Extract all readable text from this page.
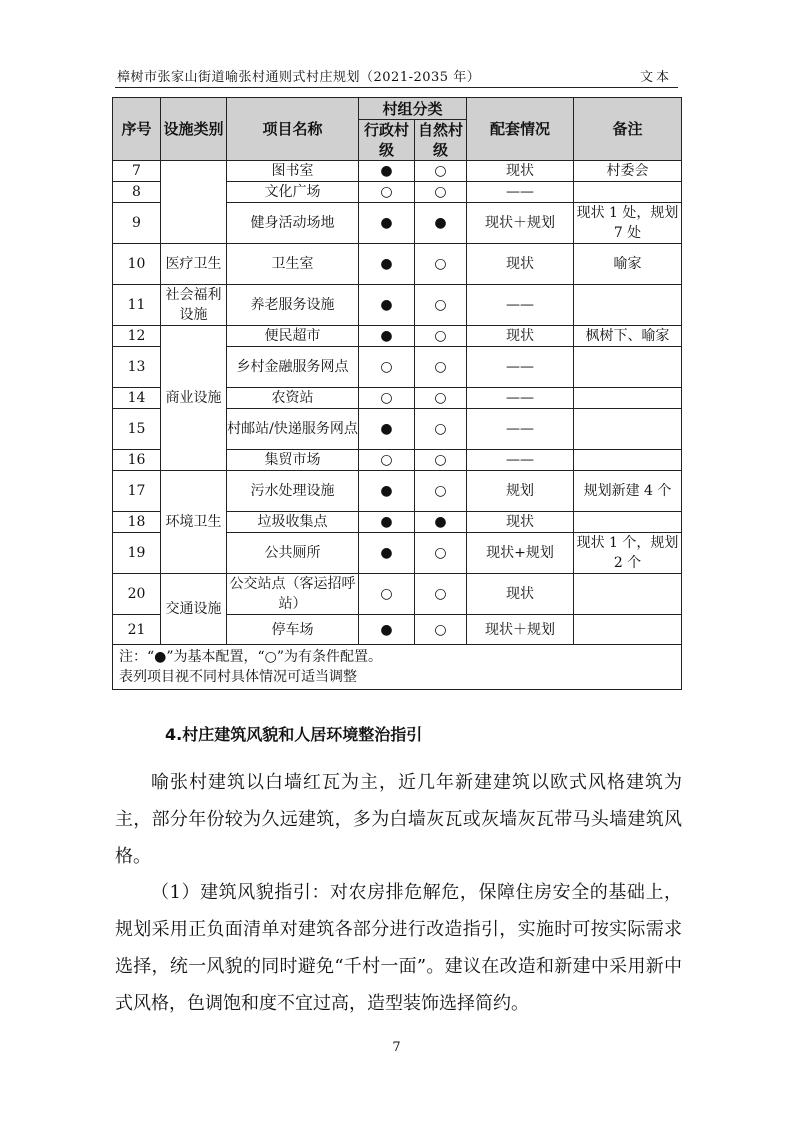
樟树市张家山街道喻张村通则式村庄规划（2021-2035 年）	文本
序号	设施类别	项目名称	村组分类		配套情况	备注
			行政村级	自然村级		
7		图书室	●	○	现状	村委会
8		文化广场	○	○	——	
9		健身活动场地	●	●	现状＋规划	现状 1 处，规划 7 处
10	医疗卫生	卫生室	●	○	现状	喻家
11	社会福利设施	养老服务设施	●	○	——	
12	商业设施	便民超市	●	○	现状	枫树下、喻家
13		乡村金融服务网点	○	○	——	
14		农资站	○	○	——	
15		村邮站/快递服务网点	●	○	——	
16		集贸市场	○	○	——	
17	环境卫生	污水处理设施	●	○	规划	规划新建 4 个
18		垃圾收集点	●	●	现状	
19		公共厕所	●	○	现状+规划	现状 1 个，规划 2 个
20	交通设施	公交站点（客运招呼站）	○	○	现状	
21		停车场	●	○	现状＋规划	

注：“●”为基本配置，“○”为有条件配置。
表列项目视不同村具体情况可适当调整						
4.村庄建筑风貌和人居环境整治指引

喻张村建筑以白墙红瓦为主，近几年新建建筑以欧式风格建筑为主，部分年份较为久远建筑，多为白墙灰瓦或灰墙灰瓦带马头墙建筑风格。

（1）建筑风貌指引：对农房排危解危，保障住房安全的基础上，规划采用正负面清单对建筑各部分进行改造指引，实施时可按实际需求选择，统一风貌的同时避免“千村一面”。建议在改造和新建中采用新中式风格，色调饱和度不宜过高，造型装饰选择简约。

7
